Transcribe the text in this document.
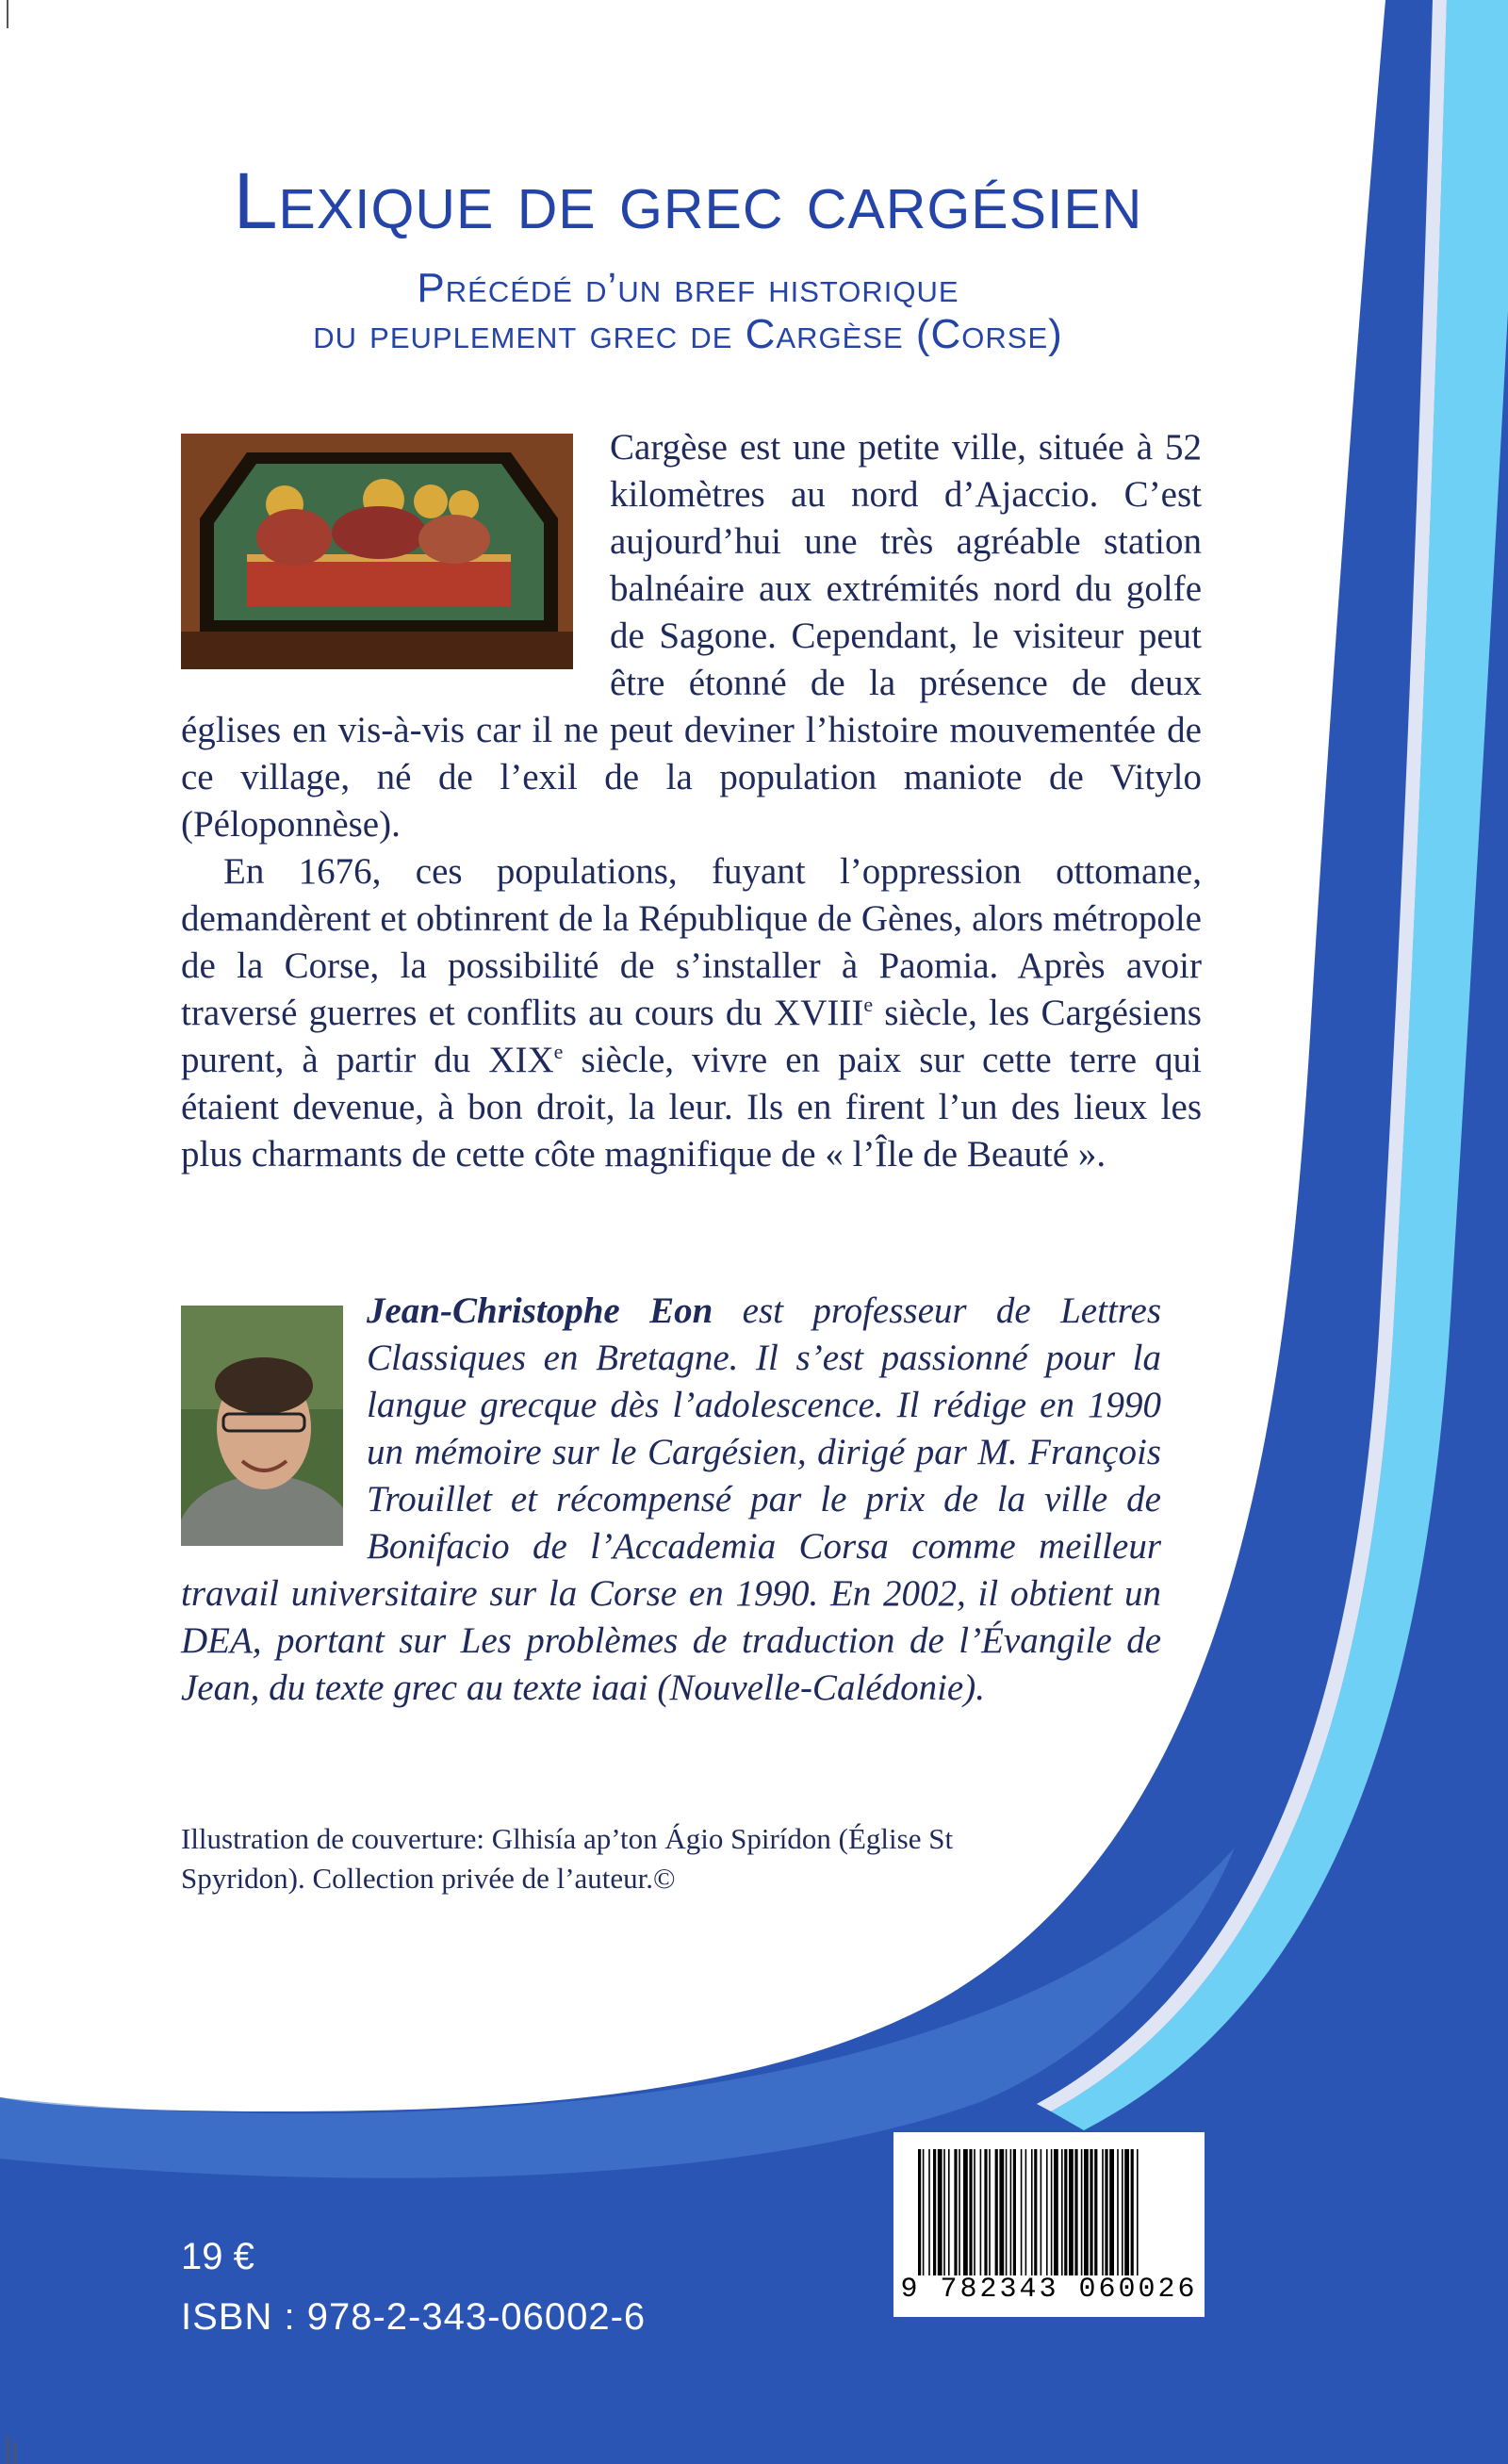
Lexique de grec cargésien
Précédé d’un bref historique
du peuplement grec de Cargèse (Corse)

Cargèse est une petite ville, située à 52 kilomètres au nord d’Ajaccio. C’est aujourd’hui une très agréable station balnéaire aux extrémités nord du golfe de Sagone. Cependant, le visiteur peut être étonné de la présence de deux églises en vis-à-vis car il ne peut deviner l’histoire mouvementée de ce village, né de l’exil de la population maniote de Vitylo (Péloponnèse).

En 1676, ces populations, fuyant l’oppression ottomane, demandèrent et obtinrent de la République de Gènes, alors métropole de la Corse, la possibilité de s’installer à Paomia. Après avoir traversé guerres et conflits au cours du XVIIIe siècle, les Cargésiens purent, à partir du XIXe siècle, vivre en paix sur cette terre qui étaient devenue, à bon droit, la leur. Ils en firent l’un des lieux les plus charmants de cette côte magnifique de « l’Île de Beauté ».

Jean-Christophe Eon est professeur de Lettres Classiques en Bretagne. Il s’est passionné pour la langue grecque dès l’adolescence. Il rédige en 1990 un mémoire sur le Cargésien, dirigé par M. François Trouillet et récompensé par le prix de la ville de Bonifacio de l’Accademia Corsa comme meilleur travail universitaire sur la Corse en 1990. En 2002, il obtient un DEA, portant sur Les problèmes de traduction de l’Évangile de Jean, du texte grec au texte iaai (Nouvelle-Calédonie).
Illustration de couverture: Glhisía ap’ton Ágio Spirídon (Église St Spyridon). Collection privée de l’auteur.©
19 €
ISBN : 978-2-343-06002-6
9 782343 060026
